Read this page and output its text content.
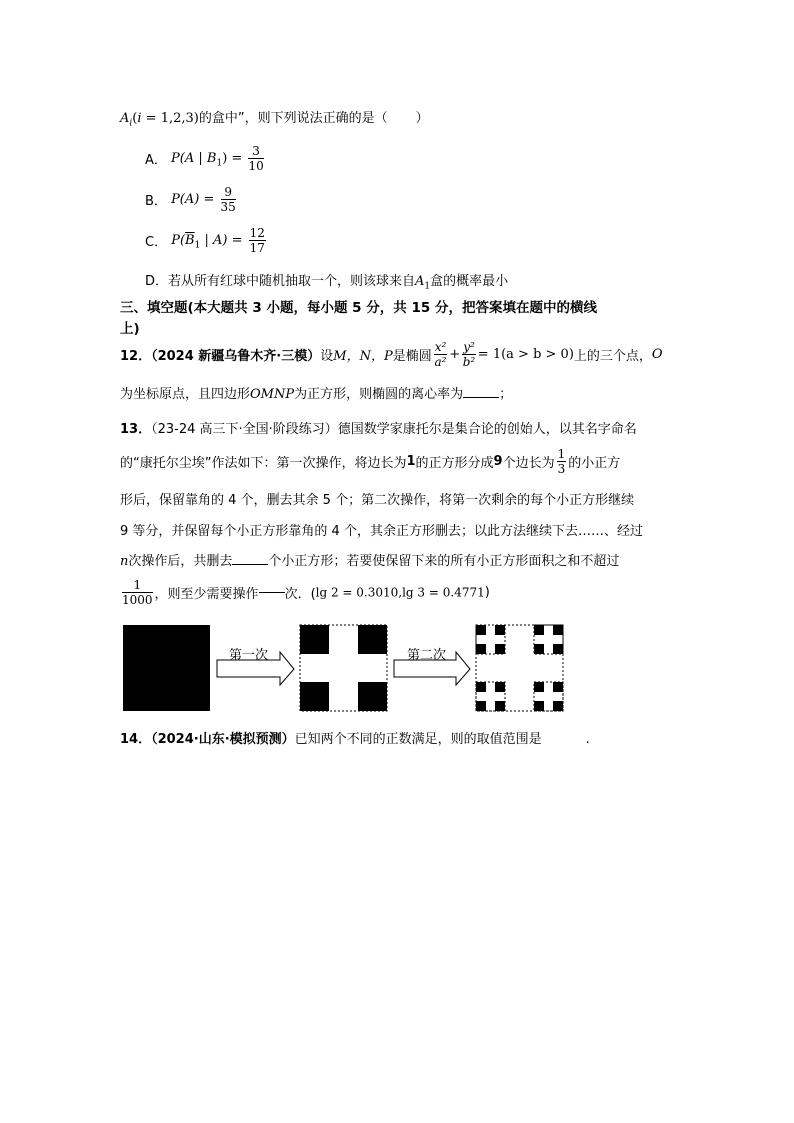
$A_i(i = 1,2,3)$的盒中”，则下列说法正确的是（ ）
A． P(A | $B_1) = \frac{3}{10}$
B． $P(A) = \frac{9}{35}$
C． $P(\overline{B}_1$ | $A) = \frac{12}{17}$
D．若从所有红球中随机抽取一个，则该球来自$A_1$盒的概率最小
三、填空题(本大题共 3 小题，每小题 5 分，共 15 分，把答案填在题中的横线
上)
12．（2024 新疆乌鲁木齐·三模）设M，N，P是椭圆 $\frac{\text{x²}}{\text{a²}} + \frac{\text{y²}}{\text{b²}} = 1(a > b > 0)$上的三个点，O
为坐标原点，且四边形OMNP为正方形，则椭圆的离心率为	；
13．（23-24 高三下·全国·阶段练习）德国数学家康托尔是集合论的创始人，以其名字命名
的“康托尔尘埃”作法如下：第一次操作，将边长为1的正方形分成9个边长为 $\frac{1}{3}$ 的小正方
形后，保留靠角的 4 个，删去其余 5 个；第二次操作，将第一次剩余的每个小正方形继续
9 等分，并保留每个小正方形靠角的 4 个，其余正方形删去；以此方法继续下去……、经过
n次操作后，共删去	个小正方形；若要使保留下来的所有小正方形面积之和不超过
$\frac{1}{1000}$ ，则至少需要操作 次．(lg 2 = 0.3010,lg 3 = 0.4771)
第一次	第二次
14．（2024·山东·模拟预测）已知两个不同的正数满足，则的取值范围是	.
